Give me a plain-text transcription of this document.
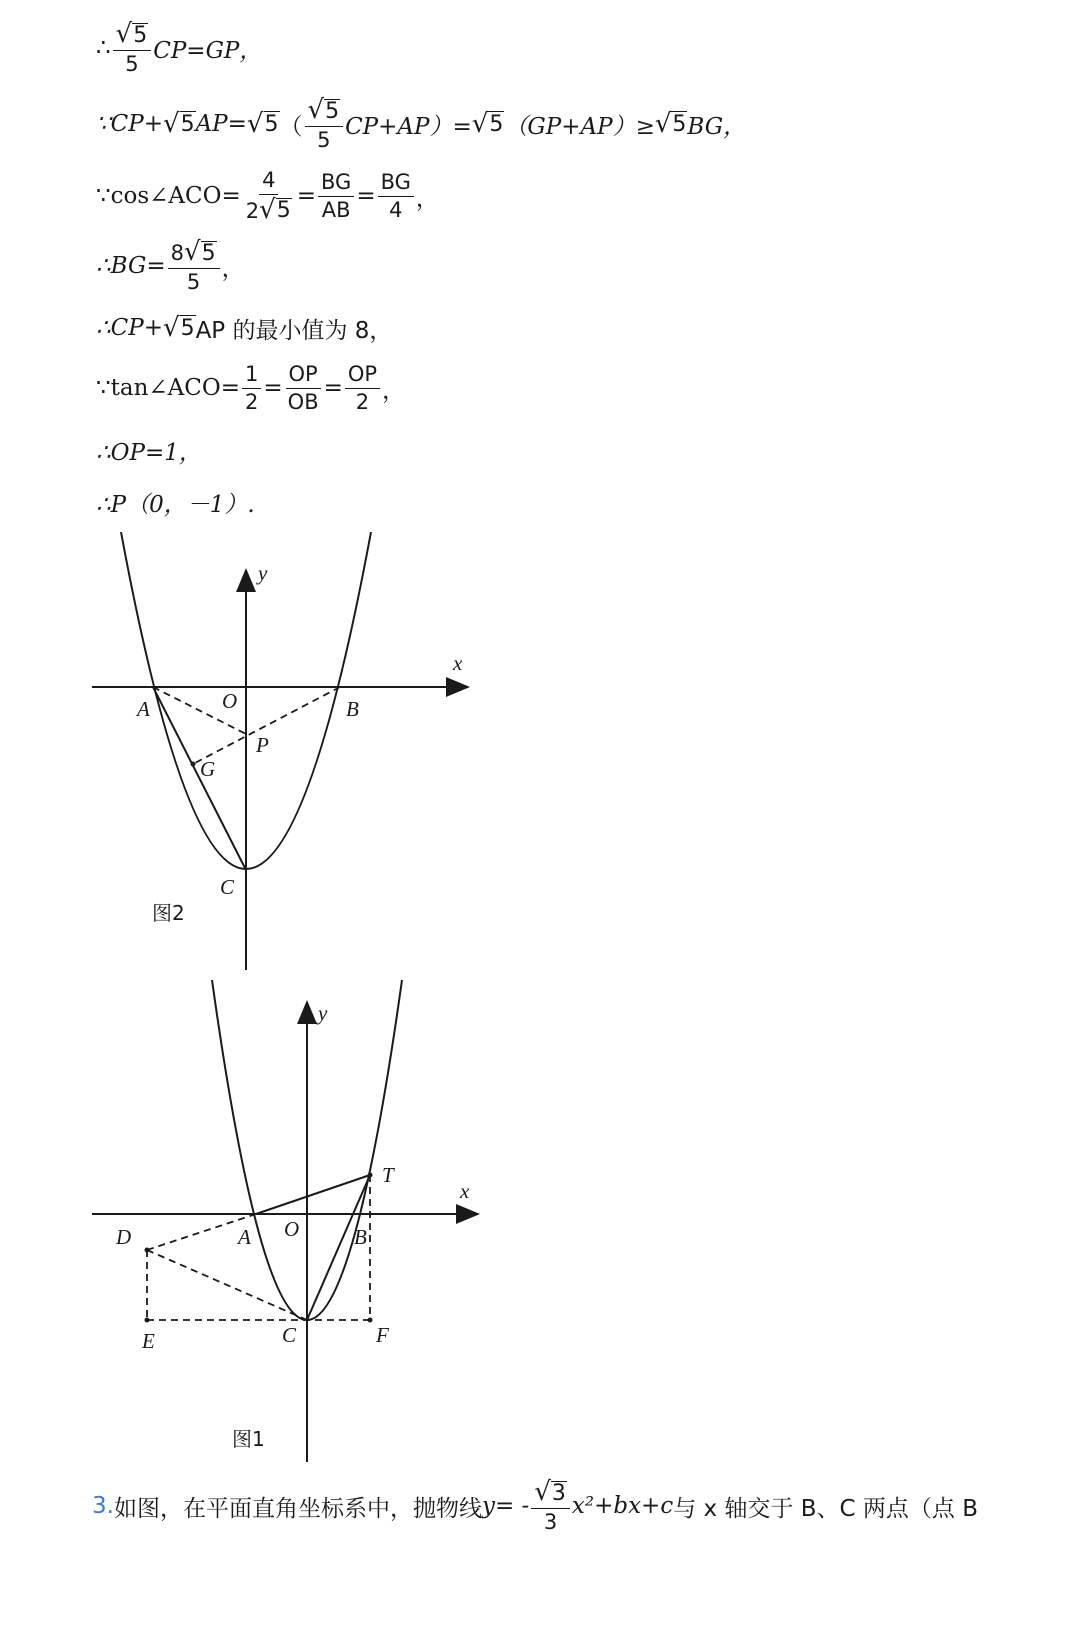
∴ $\frac{√ 5}{5} CP=GP$，
∵CP+ √ 5 AP= √ 5 （ $\frac{√ 5}{5} CP+AP)=$ √ 5 （GP+AP）≥ √ 5 BG，
∵cos∠ACO= $\frac{4}{2 √ 5} = \frac{BG}{AB} = \frac{BG}{4}$ ，
∴BG= $\frac{8 √ 5}{5}$ ，
∴CP+ √ 5 AP 的最小值为 8，
∵tan∠ACO= $\frac{1}{2} = \frac{OP}{OB} = \frac{OP}{2}$ ，
∴OP=1，
∴P（0，－1）.
y
x
O
A	B
P
G
C
图2
y
x
O
A	B
T
D
E	C	F
图1
3. 如图，在平面直角坐标系中，抛物线 $y= - \frac{√ 3}{3} x^2+bx+c$ 与 x 轴交于 B、C 两点（点 B
